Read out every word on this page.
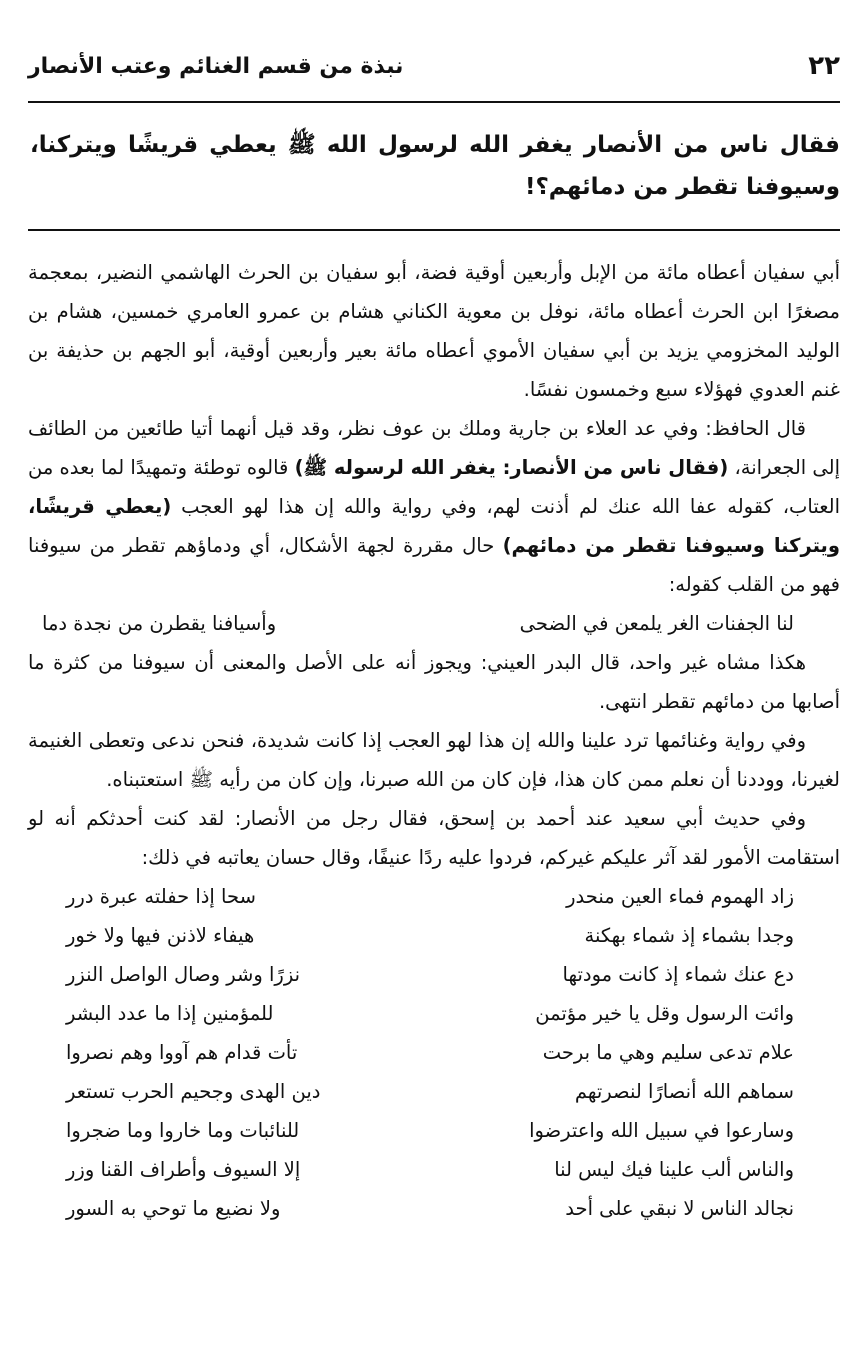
٢٢
نبذة من قسم الغنائم وعتب الأنصار
فقال ناس من الأنصار يغفر الله لرسول الله ﷺ يعطي قريشًا ويتركنا، وسيوفنا تقطر من دمائهم؟!

أبي سفيان أعطاه مائة من الإبل وأربعين أوقية فضة، أبو سفيان بن الحرث الهاشمي النضير، بمعجمة مصغرًا ابن الحرث أعطاه مائة، نوفل بن معوية الكناني هشام بن عمرو العامري خمسين، هشام بن الوليد المخزومي يزيد بن أبي سفيان الأموي أعطاه مائة بعير وأربعين أوقية، أبو الجهم بن حذيفة بن غنم العدوي فهؤلاء سبع وخمسون نفسًا.

قال الحافظ: وفي عد العلاء بن جارية وملك بن عوف نظر، وقد قيل أنهما أتيا طائعين من الطائف إلى الجعرانة، (فقال ناس من الأنصار: يغفر الله لرسوله ﷺ) قالوه توطئة وتمهيدًا لما بعده من العتاب، كقوله عفا الله عنك لم أذنت لهم، وفي رواية والله إن هذا لهو العجب (يعطي قريشًا، ويتركنا وسيوفنا تقطر من دمائهم) حال مقررة لجهة الأشكال، أي ودماؤهم تقطر من سيوفنا فهو من القلب كقوله:

لنا الجفنات الغر يلمعن في الضحى
وأسيافنا يقطرن من نجدة دما

هكذا مشاه غير واحد، قال البدر العيني: ويجوز أنه على الأصل والمعنى أن سيوفنا من كثرة ما أصابها من دمائهم تقطر انتهى.

وفي رواية وغنائمها ترد علينا والله إن هذا لهو العجب إذا كانت شديدة، فنحن ندعى وتعطى الغنيمة لغيرنا، ووددنا أن نعلم ممن كان هذا، فإن كان من الله صبرنا، وإن كان من رأيه ﷺ استعتبناه.

وفي حديث أبي سعيد عند أحمد بن إسحق، فقال رجل من الأنصار: لقد كنت أحدثكم أنه لو استقامت الأمور لقد آثر عليكم غيركم، فردوا عليه ردًا عنيفًا، وقال حسان يعاتبه في ذلك:

زاد الهموم فماء العين منحدر
سحا إذا حفلته عبرة درر
وجدا بشماء إذ شماء بهكنة
هيفاء لاذنن فيها ولا خور
دع عنك شماء إذ كانت مودتها
نزرًا وشر وصال الواصل النزر
وائت الرسول وقل يا خير مؤتمن
للمؤمنين إذا ما عدد البشر
علام تدعى سليم وهي ما برحت
تأت قدام هم آووا وهم نصروا
سماهم الله أنصارًا لنصرتهم
دين الهدى وجحيم الحرب تستعر
وسارعوا في سبيل الله واعترضوا
للنائبات وما خاروا وما ضجروا
والناس ألب علينا فيك ليس لنا
إلا السيوف وأطراف القنا وزر
نجالد الناس لا نبقي على أحد
ولا نضيع ما توحي به السور
